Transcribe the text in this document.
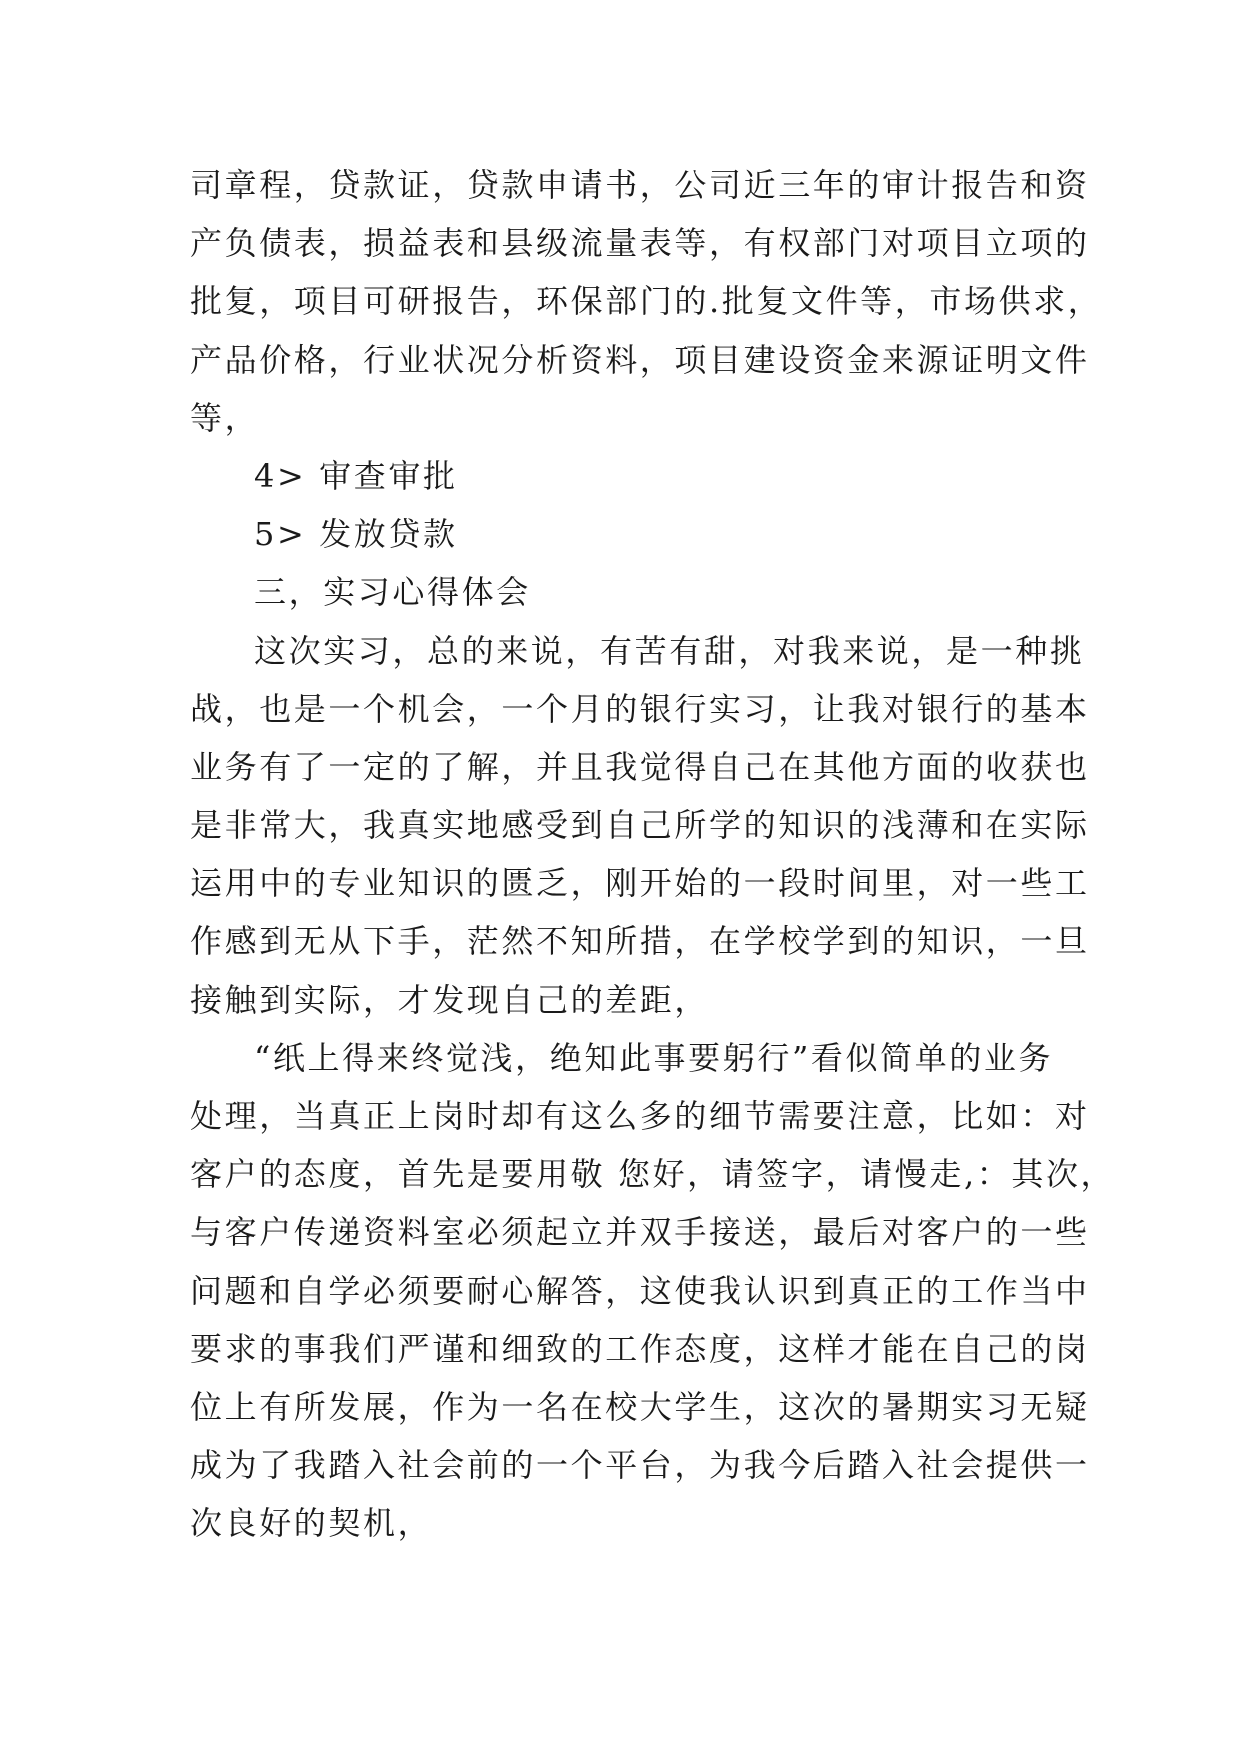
司章程，贷款证，贷款申请书，公司近三年的审计报告和资
产负债表，损益表和县级流量表等，有权部门对项目立项的
批复，项目可研报告，环保部门的.批复文件等，市场供求，
产品价格，行业状况分析资料，项目建设资金来源证明文件
等，
4> 审查审批
5> 发放贷款
三，实习心得体会
这次实习，总的来说，有苦有甜，对我来说，是一种挑
战，也是一个机会，一个月的银行实习，让我对银行的基本
业务有了一定的了解，并且我觉得自己在其他方面的收获也
是非常大，我真实地感受到自己所学的知识的浅薄和在实际
运用中的专业知识的匮乏，刚开始的一段时间里，对一些工
作感到无从下手，茫然不知所措，在学校学到的知识，一旦
接触到实际，才发现自己的差距，
“纸上得来终觉浅，绝知此事要躬行”看似简单的业务
处理，当真正上岗时却有这么多的细节需要注意，比如：对
客户的态度，首先是要用敬 您好，请签字，请慢走,：其次，
与客户传递资料室必须起立并双手接送，最后对客户的一些
问题和自学必须要耐心解答，这使我认识到真正的工作当中
要求的事我们严谨和细致的工作态度，这样才能在自己的岗
位上有所发展，作为一名在校大学生，这次的暑期实习无疑
成为了我踏入社会前的一个平台，为我今后踏入社会提供一
次良好的契机，
